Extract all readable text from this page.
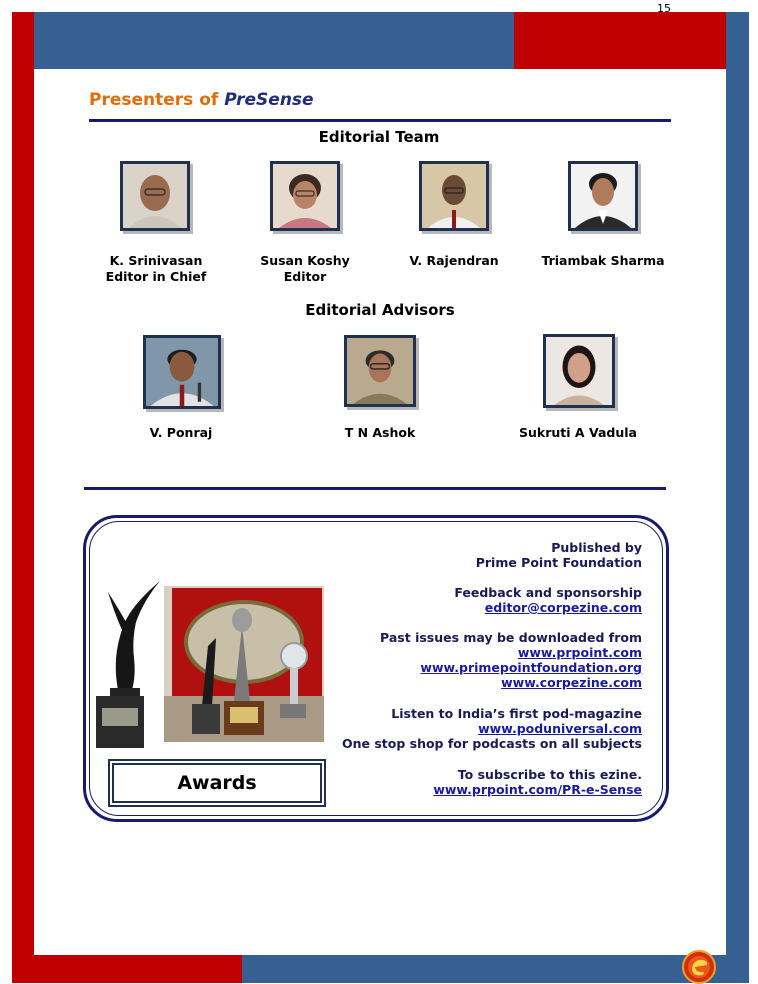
15
Presenters of PreSense
Editorial Team
K. Srinivasan
Editor in Chief
Susan Koshy
Editor
V. Rajendran	Triambak Sharma
Editorial Advisors
V. Ponraj	T N Ashok	Sukruti A Vadula
Awards
Published by
Prime Point Foundation
Feedback and sponsorship
editor@corpezine.com
Past issues may be downloaded from
www.prpoint.com
www.primepointfoundation.org
www.corpezine.com
Listen to India’s first pod-magazine
www.poduniversal.com
One stop shop for podcasts on all subjects
To subscribe to this ezine.
www.prpoint.com/PR-e-Sense
